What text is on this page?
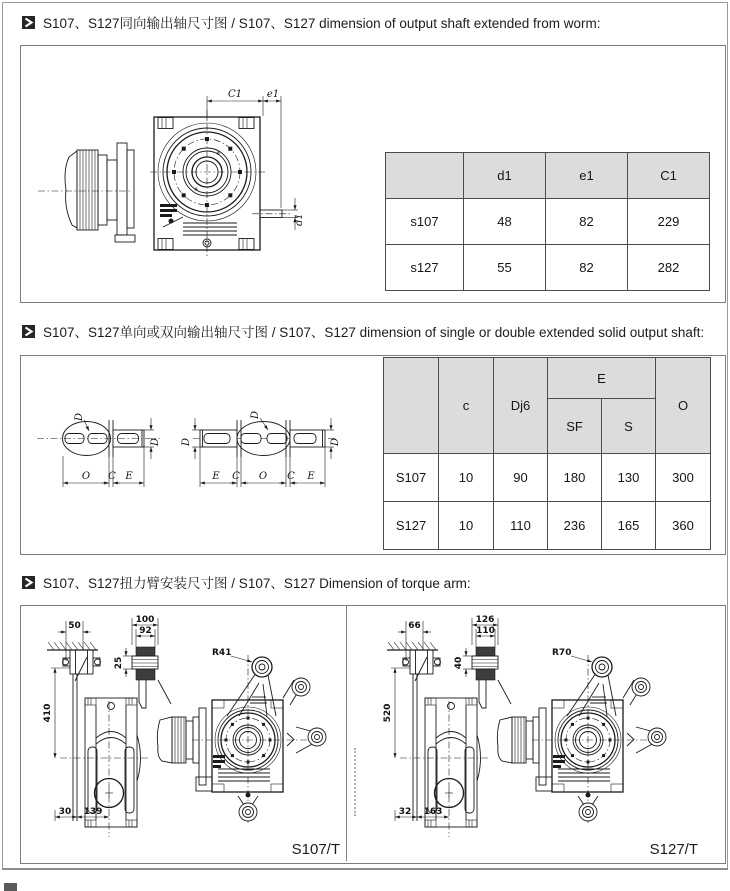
S107、S127同向输出轴尺寸图 / S107、S127 dimension of output shaft extended from worm:
d1
C1 e1
	d1	e1	C1
s107	48	82	229
s127	55	82	282
S107、S127单向或双向输出轴尺寸图 / S107、S127 dimension of single or double extended solid output shaft:
D
D
O C E
D
D
D
E C O C E
	c	Dj6	E		O
			SF	S	
S107	10	90	180	130	300
S127	10	110	236	165	360
S107、S127扭力臂安装尺寸图 / S107、S127 Dimension of torque arm:
50
410
30 139
100
92
25
R41
66
520
32 163
126
110
40
R70
S107/T	S127/T
